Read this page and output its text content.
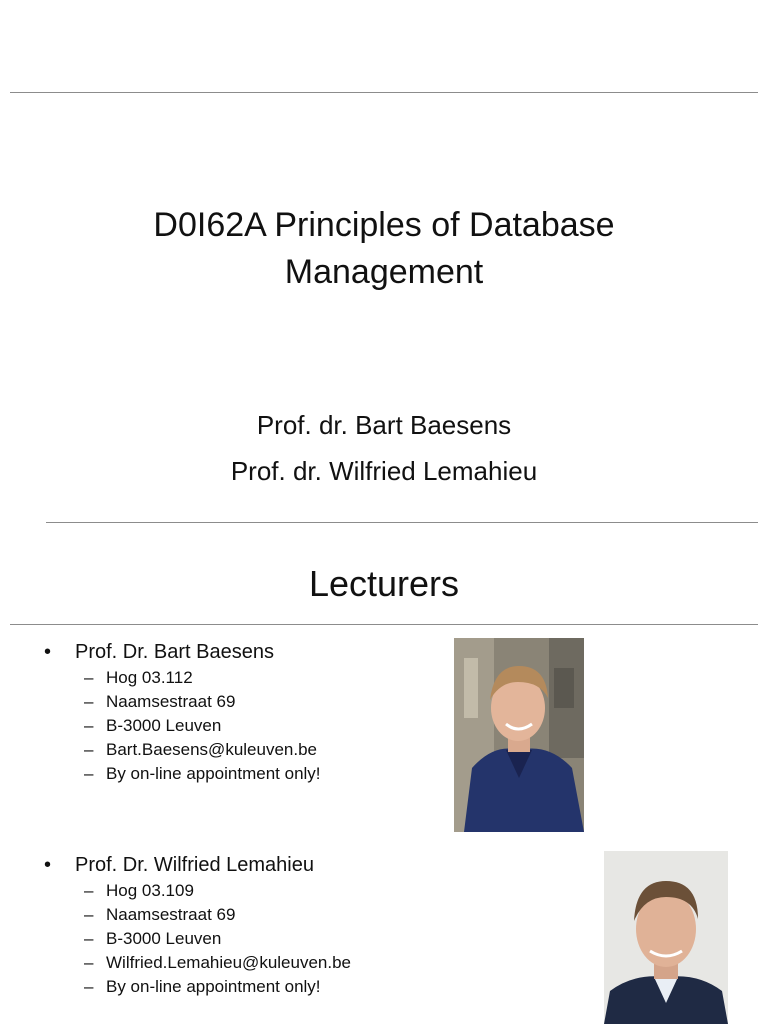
D0I62A Principles of Database
Management
Prof. dr. Bart Baesens
Prof. dr. Wilfried Lemahieu
Lecturers
•	Prof. Dr. Bart Baesens
– Hog 03.112
– Naamsestraat 69
– B-3000 Leuven
– Bart.Baesens@kuleuven.be
– By on-line appointment only!
•	Prof. Dr. Wilfried Lemahieu
– Hog 03.109
– Naamsestraat 69
– B-3000 Leuven
– Wilfried.Lemahieu@kuleuven.be
– By on-line appointment only!
